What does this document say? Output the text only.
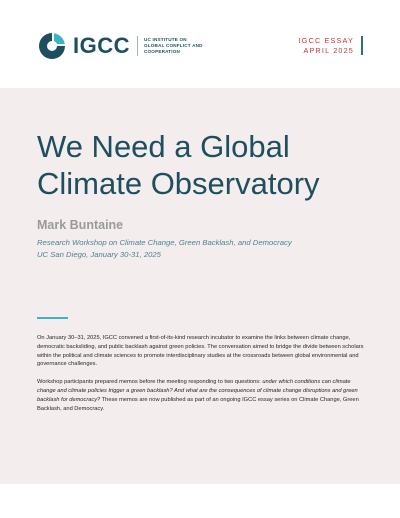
IGCC	UC INSTITUTE ON GLOBAL CONFLICT AND COOPERATION
IGCC ESSAY
APRIL 2025
We Need a Global
Climate Observatory

Mark Buntaine

Research Workshop on Climate Change, Green Backlash, and Democracy
UC San Diego, January 30-31, 2025

On January 30–31, 2025, IGCC convened a first-of-its-kind research incubator to examine the links between climate change, democratic backsliding, and public backlash against green policies. The conversation aimed to bridge the divide between scholars within the political and climate sciences to promote interdisciplinary studies at the crossroads between global environmental and governance challenges.

Workshop participants prepared memos before the meeting responding to two questions: under which conditions can climate change and climate policies trigger a green backlash? And what are the consequences of climate change disruptions and green backlash for democracy? These memos are now published as part of an ongoing IGCC essay series on Climate Change, Green Backlash, and Democracy.
